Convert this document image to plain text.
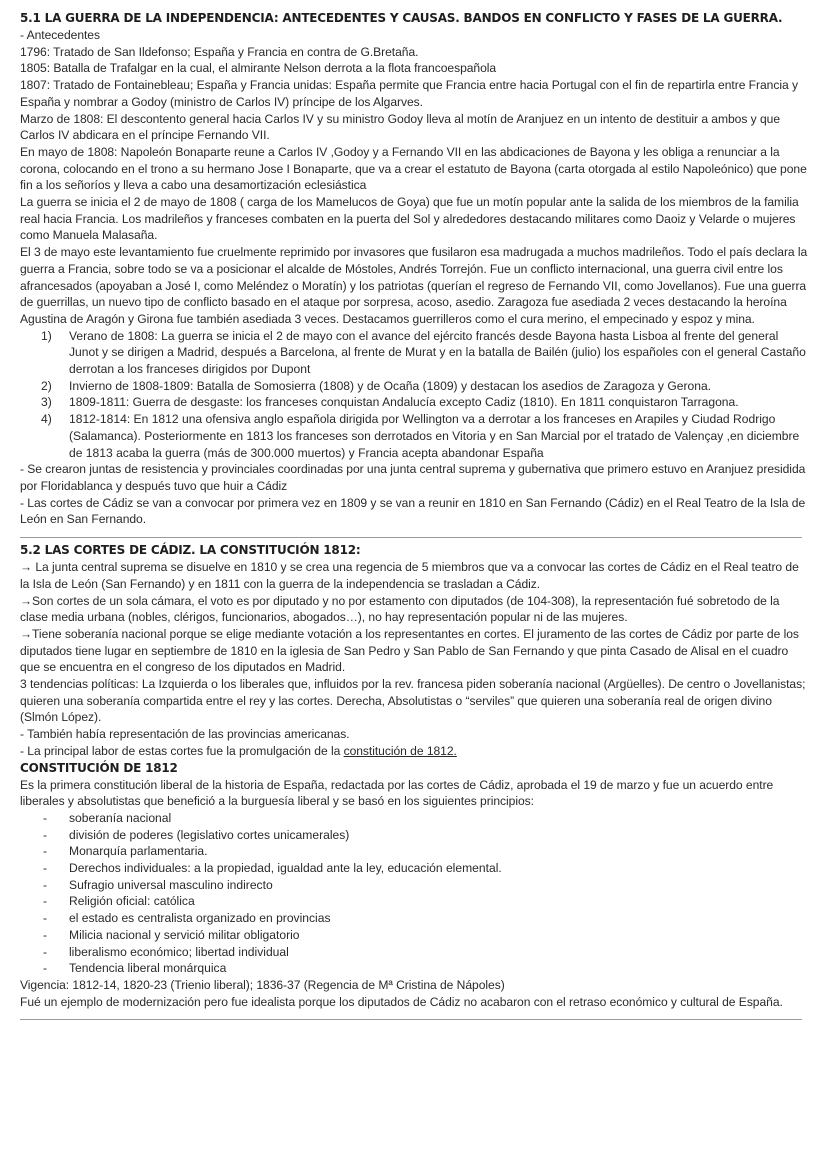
5.1 LA GUERRA DE LA INDEPENDENCIA: ANTECEDENTES Y CAUSAS. BANDOS EN CONFLICTO Y FASES DE LA GUERRA.

- Antecedentes

1796: Tratado de San Ildefonso; España y Francia en contra de G.Bretaña.

1805: Batalla de Trafalgar en la cual, el almirante Nelson derrota a la flota francoespañola

1807: Tratado de Fontainebleau; España y Francia unidas: España permite que Francia entre hacia Portugal con el fin de repartirla entre Francia y España y nombrar a Godoy (ministro de Carlos IV) príncipe de los Algarves.

Marzo de 1808: El descontento general hacia Carlos IV y su ministro Godoy lleva al motín de Aranjuez en un intento de destituir a ambos y que Carlos IV abdicara en el príncipe Fernando VII.

En mayo de 1808: Napoleón Bonaparte reune a Carlos IV ,Godoy y a Fernando VII en las abdicaciones de Bayona y les obliga a renunciar a la corona, colocando en el trono a su hermano Jose I Bonaparte, que va a crear el estatuto de Bayona (carta otorgada al estilo Napoleónico) que pone fin a los señoríos y lleva a cabo una desamortización eclesiástica

La guerra se inicia el 2 de mayo de 1808 ( carga de los Mamelucos de Goya) que fue un motín popular ante la salida de los miembros de la familia real hacia Francia. Los madrileños y franceses combaten en la puerta del Sol y alrededores destacando militares como Daoiz y Velarde o mujeres como Manuela Malasaña.

El 3 de mayo este levantamiento fue cruelmente reprimido por invasores que fusilaron esa madrugada a muchos madrileños. Todo el país declara la guerra a Francia, sobre todo se va a posicionar el alcalde de Móstoles, Andrés Torrejón. Fue un conflicto internacional, una guerra civil entre los afrancesados (apoyaban a José I, como Meléndez o Moratín) y los patriotas (querían el regreso de Fernando VII, como Jovellanos). Fue una guerra de guerrillas, un nuevo tipo de conflicto basado en el ataque por sorpresa, acoso, asedio. Zaragoza fue asediada 2 veces destacando la heroína Agustina de Aragón y Girona fue también asediada 3 veces. Destacamos guerrilleros como el cura merino, el empecinado y espoz y mina.

1) Verano de 1808: La guerra se inicia el 2 de mayo con el avance del ejército francés desde Bayona hasta Lisboa al frente del general Junot y se dirigen a Madrid, después a Barcelona, al frente de Murat y en la batalla de Bailén (julio) los españoles con el general Castaño derrotan a los franceses dirigidos por Dupont
2) Invierno de 1808-1809: Batalla de Somosierra (1808) y de Ocaña (1809) y destacan los asedios de Zaragoza y Gerona.
3) 1809-1811: Guerra de desgaste: los franceses conquistan Andalucía excepto Cadiz (1810). En 1811 conquistaron Tarragona.
4) 1812-1814: En 1812 una ofensiva anglo española dirigida por Wellington va a derrotar a los franceses en Arapiles y Ciudad Rodrigo (Salamanca). Posteriormente en 1813 los franceses son derrotados en Vitoria y en San Marcial por el tratado de Valençay ,en diciembre de 1813 acaba la guerra (más de 300.000 muertos) y Francia acepta abandonar España

- Se crearon juntas de resistencia y provinciales coordinadas por una junta central suprema y gubernativa que primero estuvo en Aranjuez presidida por Floridablanca y después tuvo que huir a Cádiz

- Las cortes de Cádiz se van a convocar por primera vez en 1809 y se van a reunir en 1810 en San Fernando (Cádiz) en el Real Teatro de la Isla de León en San Fernando.

5.2 LAS CORTES DE CÁDIZ. LA CONSTITUCIÓN 1812:

→ La junta central suprema se disuelve en 1810 y se crea una regencia de 5 miembros que va a convocar las cortes de Cádiz en el Real teatro de la Isla de León (San Fernando) y en 1811 con la guerra de la independencia se trasladan a Cádiz.

→Son cortes de un sola cámara, el voto es por diputado y no por estamento con diputados (de 104-308), la representación fué sobretodo de la clase media urbana (nobles, clérigos, funcionarios, abogados…), no hay representación popular ni de las mujeres.

→Tiene soberanía nacional porque se elige mediante votación a los representantes en cortes. El juramento de las cortes de Cádiz por parte de los diputados tiene lugar en septiembre de 1810 en la iglesia de San Pedro y San Pablo de San Fernando y que pinta Casado de Alisal en el cuadro que se encuentra en el congreso de los diputados en Madrid.

3 tendencias políticas: La Izquierda o los liberales que, influidos por la rev. francesa piden soberanía nacional (Argüelles). De centro o Jovellanistas; quieren una soberanía compartida entre el rey y las cortes. Derecha, Absolutistas o “serviles” que quieren una soberanía real de origen divino (Slmón López).

- También había representación de las provincias americanas.

- La principal labor de estas cortes fue la promulgación de la constitución de 1812.

CONSTITUCIÓN DE 1812

Es la primera constitución liberal de la historia de España, redactada por las cortes de Cádiz, aprobada el 19 de marzo y fue un acuerdo entre liberales y absolutistas que benefició a la burguesía liberal y se basó en los siguientes principios:

- soberanía nacional
- división de poderes (legislativo cortes unicamerales)
- Monarquía parlamentaria.
- Derechos individuales: a la propiedad, igualdad ante la ley, educación elemental.
- Sufragio universal masculino indirecto
- Religión oficial: católica
- el estado es centralista organizado en provincias
- Milicia nacional y servició militar obligatorio
- liberalismo económico; libertad individual
- Tendencia liberal monárquica

Vigencia: 1812-14, 1820-23 (Trienio liberal); 1836-37 (Regencia de Mª Cristina de Nápoles)

Fué un ejemplo de modernización pero fue idealista porque los diputados de Cádiz no acabaron con el retraso económico y cultural de España.
